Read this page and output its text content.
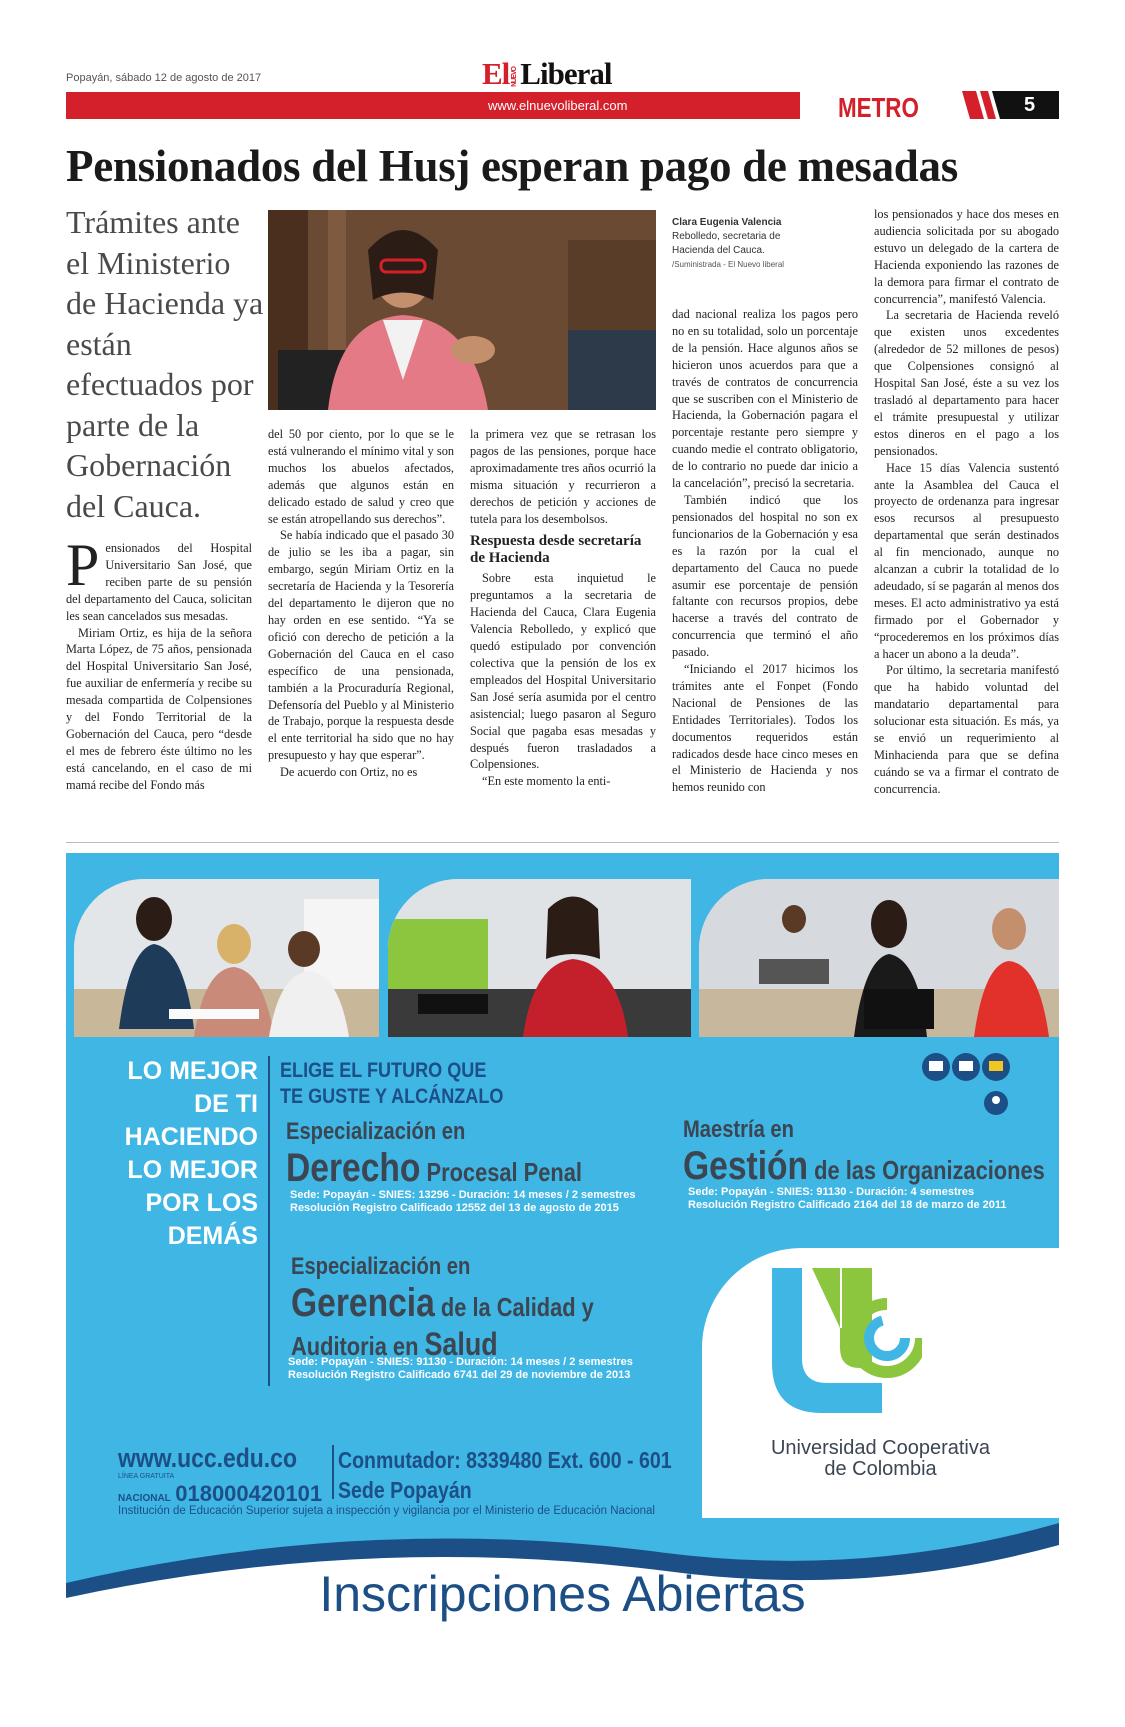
Popayán, sábado 12 de agosto de 2017	El NUEVOLiberal
www.elnuevoliberal.com	METRO	5
Pensionados del Husj esperan pago de mesadas
Trámites ante el Ministerio de Hacienda ya están efectuados por parte de la Gobernación del Cauca.
Clara Eugenia Valencia
Rebolledo, secretaria de Hacienda del Cauca.
/Suministrada - El Nuevo liberal
P ensionados del Hospital Universitario San José, que reciben parte de su pensión del departamento del Cauca, solicitan les sean cancelados sus mesadas.

Miriam Ortiz, es hija de la señora Marta López, de 75 años, pensionada del Hospital Universitario San José, fue auxiliar de enfermería y recibe su mesada compartida de Colpensiones y del Fondo Territorial de la Gobernación del Cauca, pero “desde el mes de febrero éste último no les está cancelando, en el caso de mi mamá recibe del Fondo más

del 50 por ciento, por lo que se le está vulnerando el mínimo vital y son muchos los abuelos afectados, además que algunos están en delicado estado de salud y creo que se están atropellando sus derechos”.

Se había indicado que el pasado 30 de julio se les iba a pagar, sin embargo, según Miriam Ortiz en la secretaría de Hacienda y la Tesorería del departamento le dijeron que no hay orden en ese sentido. “Ya se ofició con derecho de petición a la Gobernación del Cauca en el caso específico de una pensionada, también a la Procuraduría Regional, Defensoría del Pueblo y al Ministerio de Trabajo, porque la respuesta desde el ente territorial ha sido que no hay presupuesto y hay que esperar”.

De acuerdo con Ortiz, no es

la primera vez que se retrasan los pagos de las pensiones, porque hace aproximadamente tres años ocurrió la misma situación y recurrieron a derechos de petición y acciones de tutela para los desembolsos.

Respuesta desde secretaría de Hacienda

Sobre esta inquietud le preguntamos a la secretaria de Hacienda del Cauca, Clara Eugenia Valencia Rebolledo, y explicó que quedó estipulado por convención colectiva que la pensión de los ex empleados del Hospital Universitario San José sería asumida por el centro asistencial; luego pasaron al Seguro Social que pagaba esas mesadas y después fueron trasladados a Colpensiones.

“En este momento la enti-

dad nacional realiza los pagos pero no en su totalidad, solo un porcentaje de la pensión. Hace algunos años se hicieron unos acuerdos para que a través de contratos de concurrencia que se suscriben con el Ministerio de Hacienda, la Gobernación pagara el porcentaje restante pero siempre y cuando medie el contrato obligatorio, de lo contrario no puede dar inicio a la cancelación”, precisó la secretaria.

También indicó que los pensionados del hospital no son ex funcionarios de la Gobernación y esa es la razón por la cual el departamento del Cauca no puede asumir ese porcentaje de pensión faltante con recursos propios, debe hacerse a través del contrato de concurrencia que terminó el año pasado.

“Iniciando el 2017 hicimos los trámites ante el Fonpet (Fondo Nacional de Pensiones de las Entidades Territoriales). Todos los documentos requeridos están radicados desde hace cinco meses en el Ministerio de Hacienda y nos hemos reunido con

los pensionados y hace dos meses en audiencia solicitada por su abogado estuvo un delegado de la cartera de Hacienda exponiendo las razones de la demora para firmar el contrato de concurrencia”, manifestó Valencia.

La secretaria de Hacienda reveló que existen unos excedentes (alrededor de 52 millones de pesos) que Colpensiones consignó al Hospital San José, éste a su vez los trasladó al departamento para hacer el trámite presupuestal y utilizar estos dineros en el pago a los pensionados.

Hace 15 días Valencia sustentó ante la Asamblea del Cauca el proyecto de ordenanza para ingresar esos recursos al presupuesto departamental que serán destinados al fin mencionado, aunque no alcanzan a cubrir la totalidad de lo adeudado, sí se pagarán al menos dos meses. El acto administrativo ya está firmado por el Gobernador y “procederemos en los próximos días a hacer un abono a la deuda”.

Por último, la secretaria manifestó que ha habido voluntad del mandatario departamental para solucionar esta situación. Es más, ya se envió un requerimiento al Minhacienda para que se defina cuándo se va a firmar el contrato de concurrencia.

LO MEJOR DE TI HACIENDO LO MEJOR POR LOS DEMÁS
ELIGE EL FUTURO QUE
TE GUSTE Y ALCÁNZALO
Especialización en
Derecho Procesal Penal
Sede: Popayán - SNIES: 13296 - Duración: 14 meses / 2 semestres
Resolución Registro Calificado 12552 del 13 de agosto de 2015
Maestría en
Gestión de las Organizaciones
Sede: Popayán - SNIES: 91130 - Duración: 4 semestres
Resolución Registro Calificado 2164 del 18 de marzo de 2011
Especialización en
Gerencia de la Calidad y
Auditoria en Salud
Sede: Popayán - SNIES: 91130 - Duración: 14 meses / 2 semestres
Resolución Registro Calificado 6741 del 29 de noviembre de 2013
Universidad Cooperativa
de Colombia
www.ucc.edu.co Conmutador: 8339480 Ext. 600 - 601
Sede Popayán
LÍNEA GRATUITA
NACIONAL 018000420101
Institución de Educación Superior sujeta a inspección y vigilancia por el Ministerio de Educación Nacional
Inscripciones Abiertas
